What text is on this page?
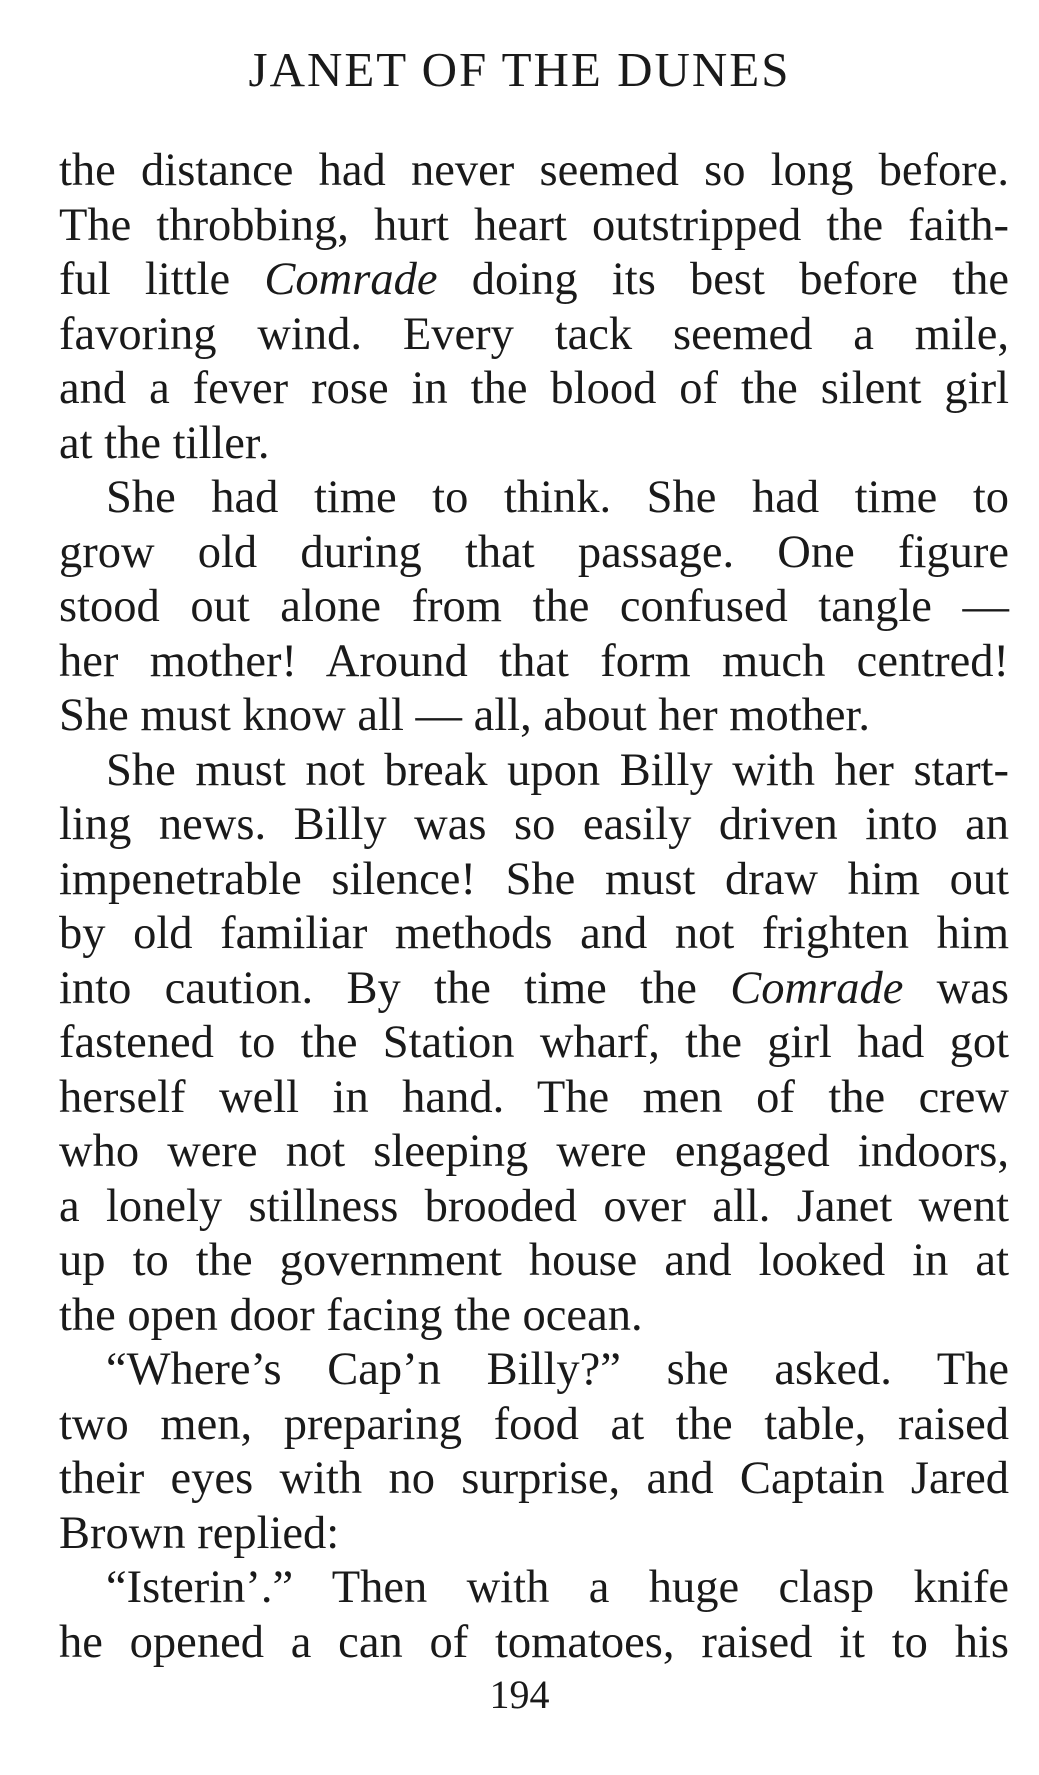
JANET OF THE DUNES
the distance had never seemed so long before.
The throbbing, hurt heart outstripped the faith-
ful little Comrade doing its best before the
favoring wind. Every tack seemed a mile,
and a fever rose in the blood of the silent girl
at the tiller.
She had time to think. She had time to
grow old during that passage. One figure
stood out alone from the confused tangle —
her mother! Around that form much centred!
She must know all — all, about her mother.
She must not break upon Billy with her start-
ling news. Billy was so easily driven into an
impenetrable silence! She must draw him out
by old familiar methods and not frighten him
into caution. By the time the Comrade was
fastened to the Station wharf, the girl had got
herself well in hand. The men of the crew
who were not sleeping were engaged indoors,
a lonely stillness brooded over all. Janet went
up to the government house and looked in at
the open door facing the ocean.
“Where’s Cap’n Billy?” she asked. The
two men, preparing food at the table, raised
their eyes with no surprise, and Captain Jared
Brown replied:
“Isterin’.” Then with a huge clasp knife
he opened a can of tomatoes, raised it to his
194
